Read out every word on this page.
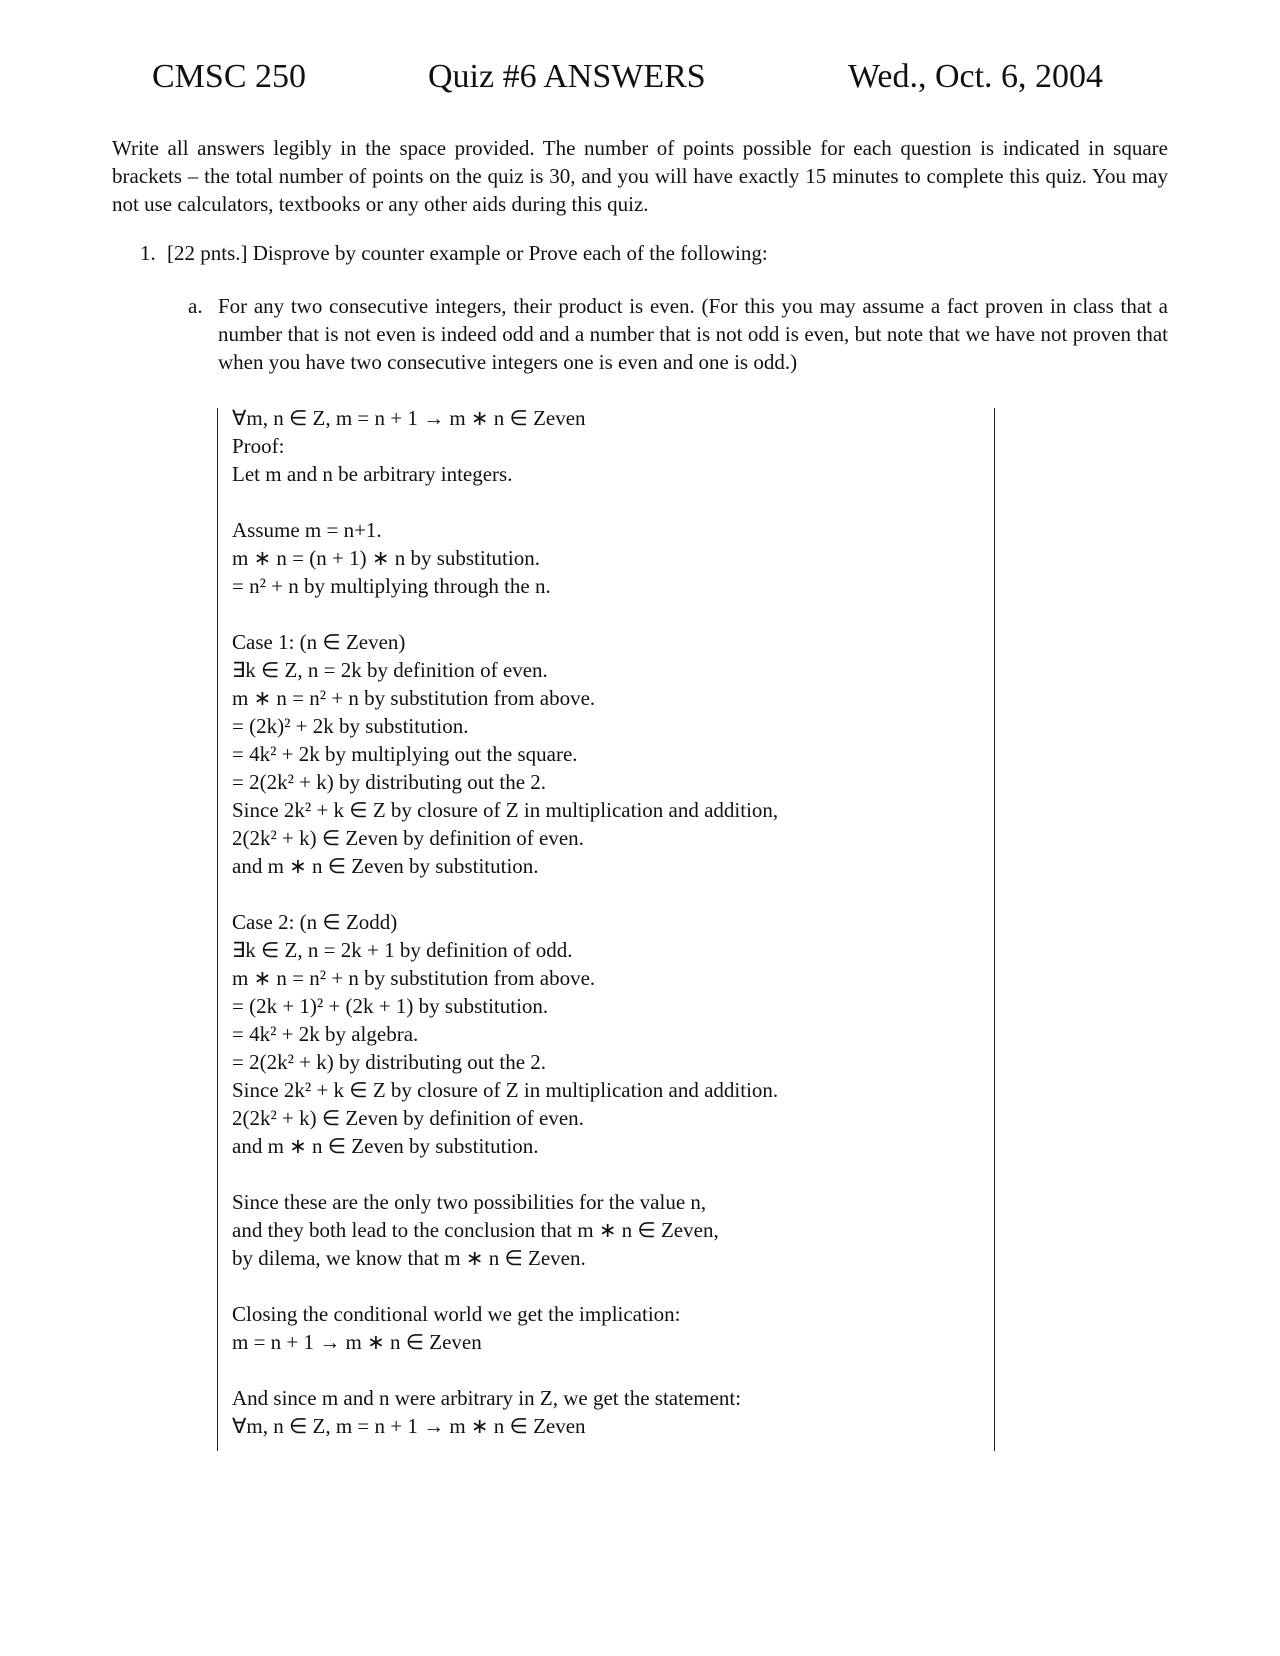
CMSC 250	Quiz #6 ANSWERS	Wed., Oct. 6, 2004
Write all answers legibly in the space provided. The number of points possible for each question is indicated in square brackets – the total number of points on the quiz is 30, and you will have exactly 15 minutes to complete this quiz. You may not use calculators, textbooks or any other aids during this quiz.
1. [22 pnts.] Disprove by counter example or Prove each of the following:
a. For any two consecutive integers, their product is even. (For this you may assume a fact proven in class that a number that is not even is indeed odd and a number that is not odd is even, but note that we have not proven that when you have two consecutive integers one is even and one is odd.)
∀m, n ∈ Z, m = n + 1 → m ∗ n ∈ Zeven
Proof:
Let m and n be arbitrary integers.
Assume m = n+1.
m ∗ n = (n + 1) ∗ n by substitution.
= n² + n by multiplying through the n.
Case 1: (n ∈ Zeven)
∃k ∈ Z, n = 2k by definition of even.
m ∗ n = n² + n by substitution from above.
= (2k)² + 2k by substitution.
= 4k² + 2k by multiplying out the square.
= 2(2k² + k) by distributing out the 2.
Since 2k² + k ∈ Z by closure of Z in multiplication and addition,
2(2k² + k) ∈ Zeven by definition of even.
and m ∗ n ∈ Zeven by substitution.
Case 2: (n ∈ Zodd)
∃k ∈ Z, n = 2k + 1 by definition of odd.
m ∗ n = n² + n by substitution from above.
= (2k + 1)² + (2k + 1) by substitution.
= 4k² + 2k by algebra.
= 2(2k² + k) by distributing out the 2.
Since 2k² + k ∈ Z by closure of Z in multiplication and addition.
2(2k² + k) ∈ Zeven by definition of even.
and m ∗ n ∈ Zeven by substitution.
Since these are the only two possibilities for the value n,
and they both lead to the conclusion that m ∗ n ∈ Zeven,
by dilema, we know that m ∗ n ∈ Zeven.
Closing the conditional world we get the implication:
m = n + 1 → m ∗ n ∈ Zeven
And since m and n were arbitrary in Z, we get the statement:
∀m, n ∈ Z, m = n + 1 → m ∗ n ∈ Zeven
